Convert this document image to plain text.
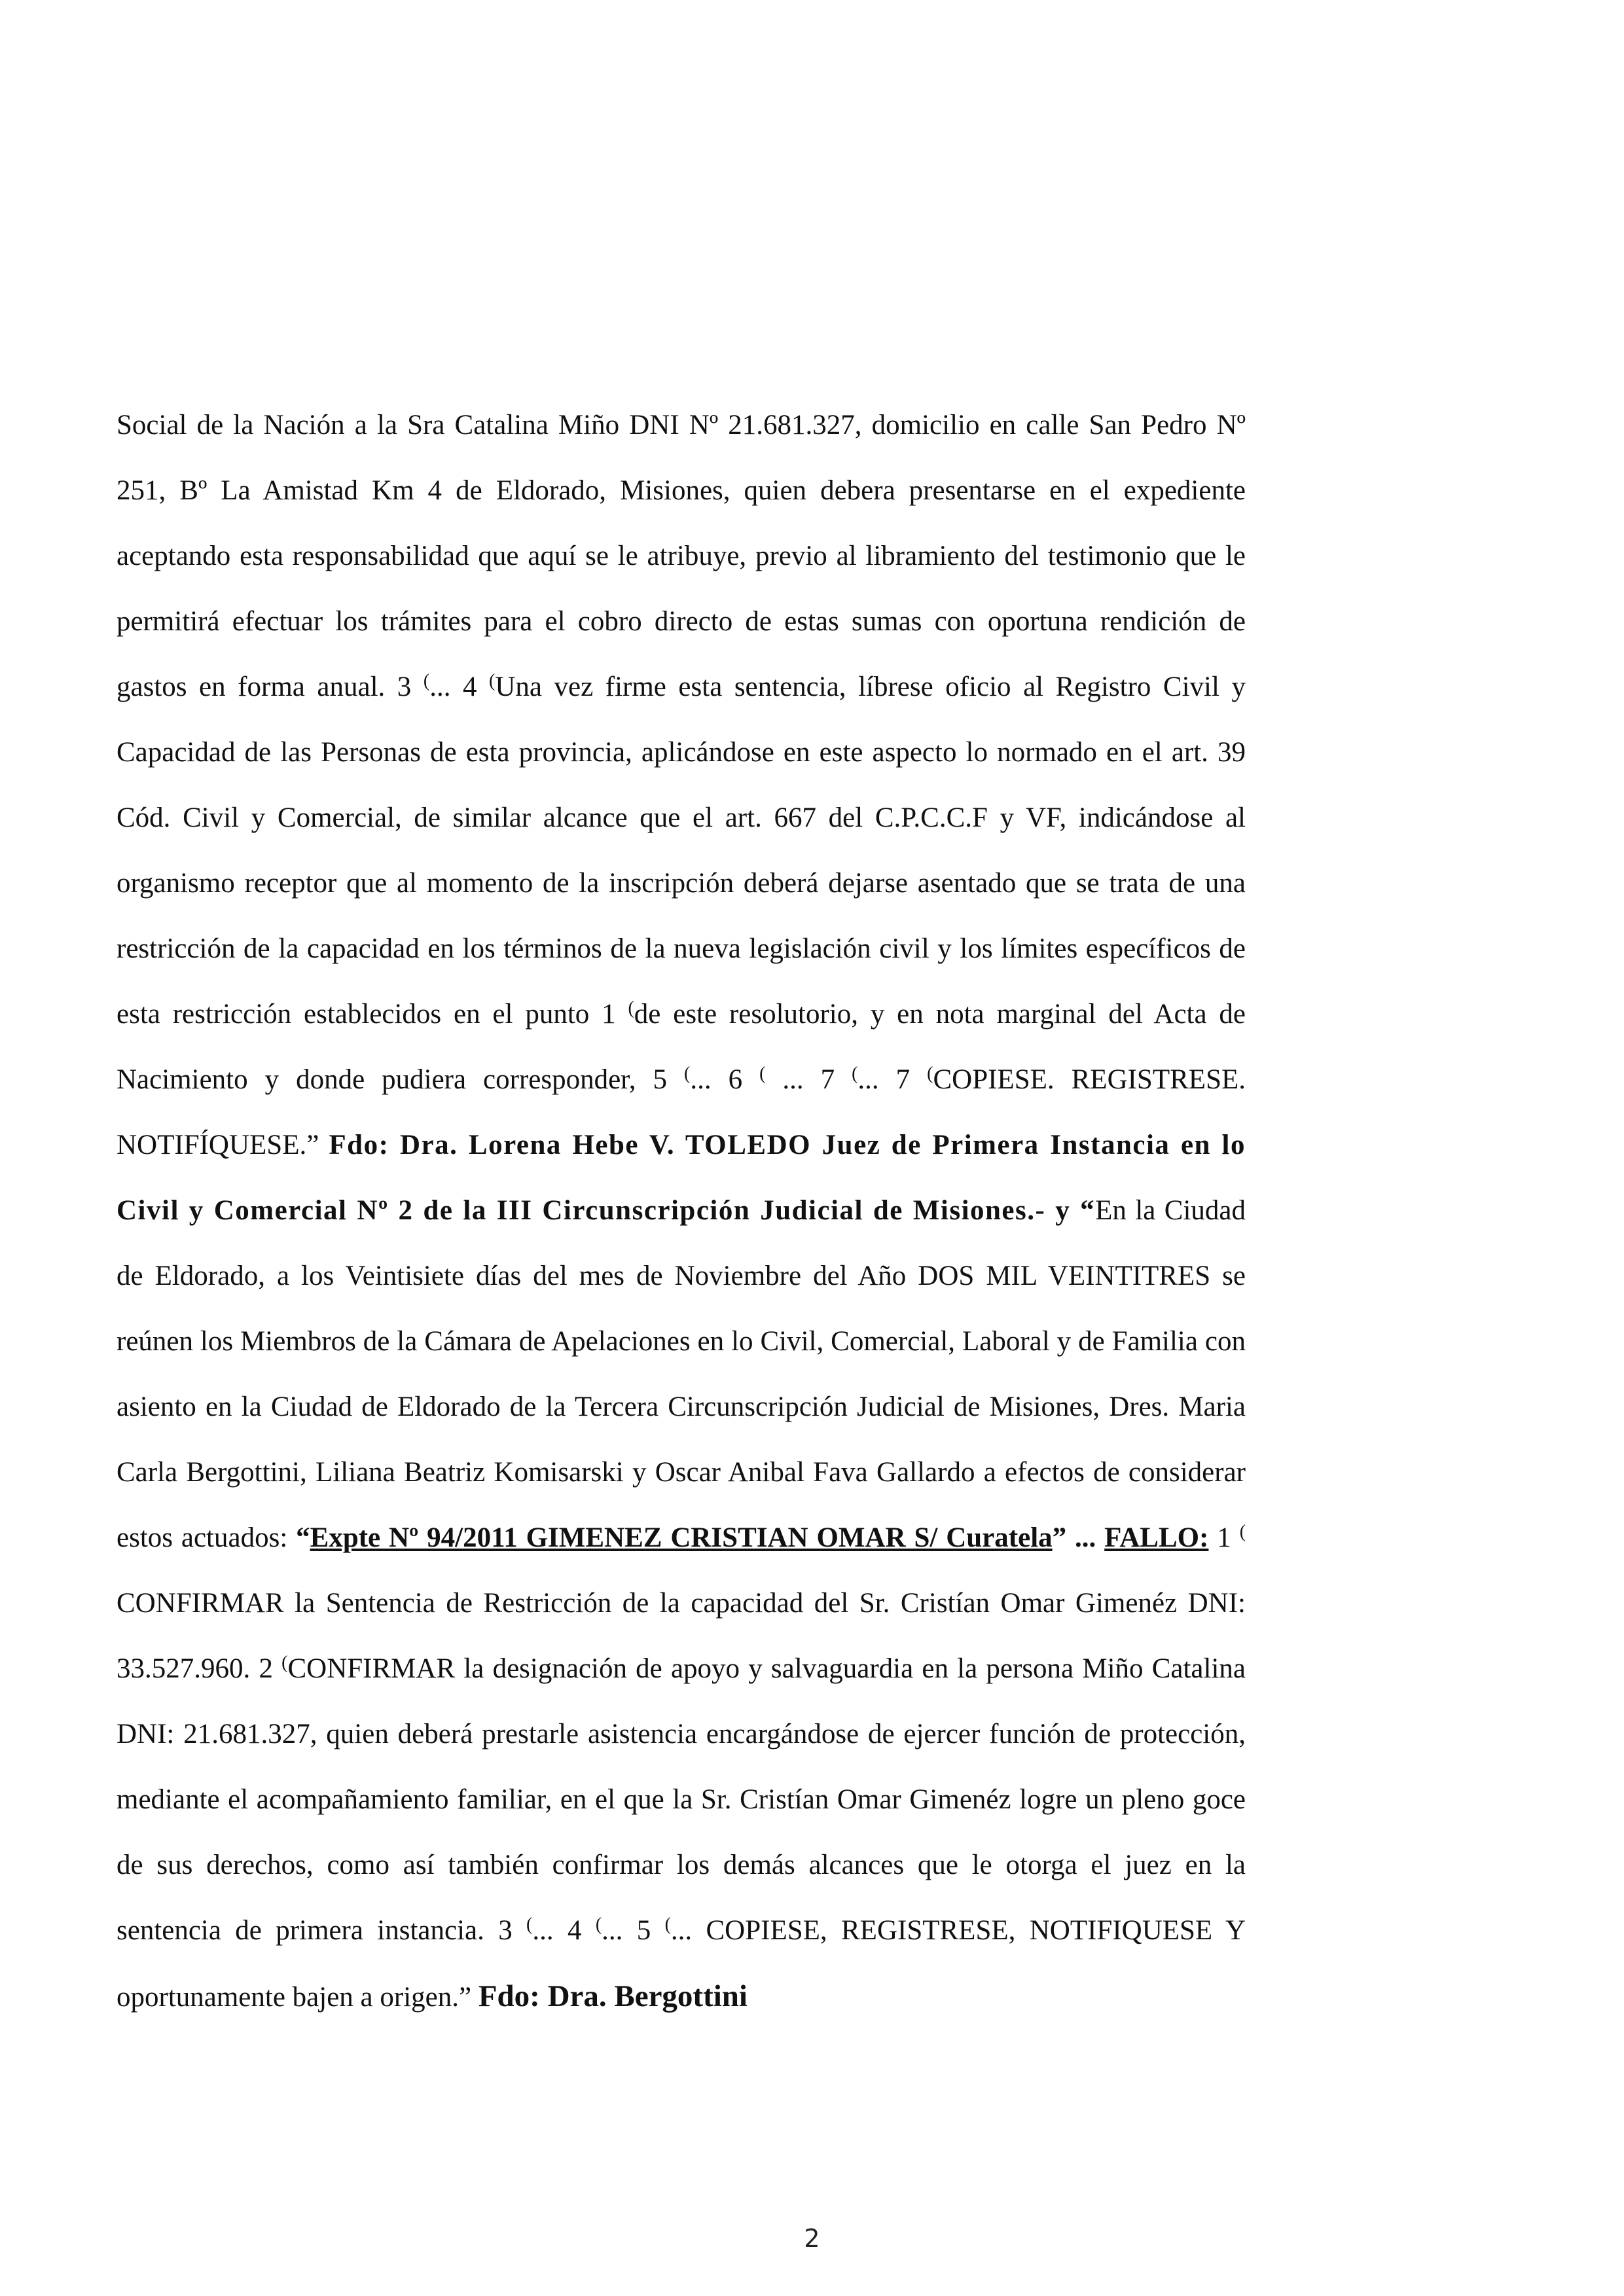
Social de la Nación a la Sra Catalina Miño DNI Nº 21.681.327, domicilio en calle San Pedro Nº 251, Bº La Amistad Km 4 de Eldorado, Misiones, quien debera presentarse en el expediente aceptando esta responsabilidad que aquí se le atribuye, previo al libramiento del testimonio que le permitirá efectuar los trámites para el cobro directo de estas sumas con oportuna rendición de gastos en forma anual. 3 (... 4 (Una vez firme esta sentencia, líbrese oficio al Registro Civil y Capacidad de las Personas de esta provincia, aplicándose en este aspecto lo normado en el art. 39 Cód. Civil y Comercial, de similar alcance que el art. 667 del C.P.C.C.F y VF, indicándose al organismo receptor que al momento de la inscripción deberá dejarse asentado que se trata de una restricción de la capacidad en los términos de la nueva legislación civil y los límites específicos de esta restricción establecidos en el punto 1 (de este resolutorio, y en nota marginal del Acta de Nacimiento y donde pudiera corresponder, 5 (... 6 ( ... 7 (... 7 (COPIESE. REGISTRESE. NOTIFÍQUESE.” Fdo: Dra. Lorena Hebe V. TOLEDO Juez de Primera Instancia en lo Civil y Comercial Nº 2 de la III Circunscripción Judicial de Misiones.- y “En la Ciudad de Eldorado, a los Veintisiete días del mes de Noviembre del Año DOS MIL VEINTITRES se reúnen los Miembros de la Cámara de Apelaciones en lo Civil, Comercial, Laboral y de Familia con asiento en la Ciudad de Eldorado de la Tercera Circunscripción Judicial de Misiones, Dres. Maria Carla Bergottini, Liliana Beatriz Komisarski y Oscar Anibal Fava Gallardo a efectos de considerar estos actuados: “Expte Nº 94/2011 GIMENEZ CRISTIAN OMAR S/ Curatela” ... FALLO: 1 ( CONFIRMAR la Sentencia de Restricción de la capacidad del Sr. Cristían Omar Gimenéz DNI: 33.527.960. 2 (CONFIRMAR la designación de apoyo y salvaguardia en la persona Miño Catalina DNI: 21.681.327, quien deberá prestarle asistencia encargándose de ejercer función de protección, mediante el acompañamiento familiar, en el que la Sr. Cristían Omar Gimenéz logre un pleno goce de sus derechos, como así también confirmar los demás alcances que le otorga el juez en la sentencia de primera instancia. 3 (... 4 (... 5 (... COPIESE, REGISTRESE, NOTIFIQUESE Y oportunamente bajen a origen.” Fdo: Dra. Bergottini

2
